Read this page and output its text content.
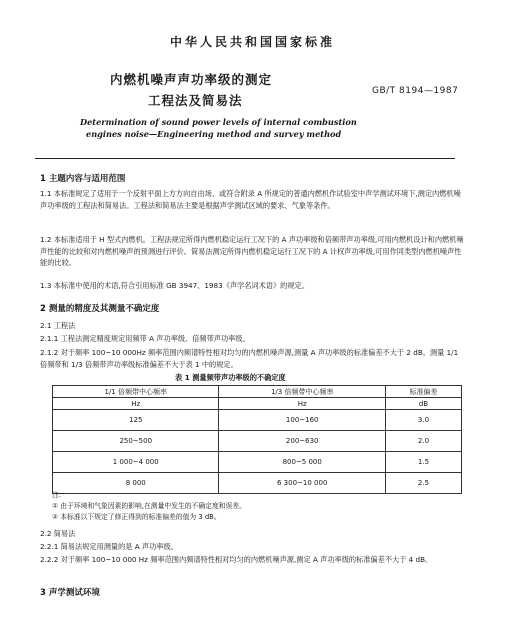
中华人民共和国国家标准
内燃机噪声声功率级的测定
工程法及简易法
GB/T 8194—1987
Determination of sound power levels of internal combustion
engines noise—Engineering method and survey method
1 主题内容与适用范围
1.1 本标准规定了适用于一个反射平面上方方向自由场、或符合附录 A 所规定的普通内燃机作试验室中声学测试环境下,测定内燃机噪声功率级的工程法和简易法。工程法和简易法主要是根据声学测试区域的要求、气象等条件。
1.2 本标准适用于 H 型式内燃机。工程法规定所得内燃机稳定运行工况下的 A 声功率级和倍频带声功率级,可用内燃机设计和内燃机噪声性能的比较和对内燃机噪声的预测进行评价。简易法测定所得内燃机稳定运行工况下的 A 计权声功率级,可用作同类型内燃机噪声性能的比较。
1.3 本标准中使用的术语,符合引用标准 GB 3947、1983《声学名词术语》的规定。
2 测量的精度及其测量不确定度
2.1 工程法
2.1.1 工程法测定精度规定用频带 A 声功率级、倍频带声功率级。
2.1.2 对于频率 100~10 000Hz 频率范围内频谱特性相对均匀的内燃机噪声源,测量 A 声功率级的标准偏差不大于 2 dB。测量 1/1 倍频带和 1/3 倍频带声功率级标准偏差不大于表 1 中的规定。
表 1 测量频带声功率级的不确定度
1/1 倍频带中心频率	1/3 倍频带中心频率	标准偏差
Hz	Hz	dB
125	100~160	3.0
250~500	200~630	2.0
1 000~4 000	800~5 000	1.5
8 000	6 300~10 000	2.5
注:
① 由于环境和气象因素的影响,在测量中发生的不确定度和误差。
② 本标准以下规定了修正得到的标准偏差的值为 3 dB。
2.2 简易法
2.2.1 简易法规定用测量的是 A 声功率级。
2.2.2 对于频率 100~10 000 Hz 频率范围内频谱特性相对均匀的内燃机噪声源,测定 A 声功率级的标准偏差不大于 4 dB。
3 声学测试环境
